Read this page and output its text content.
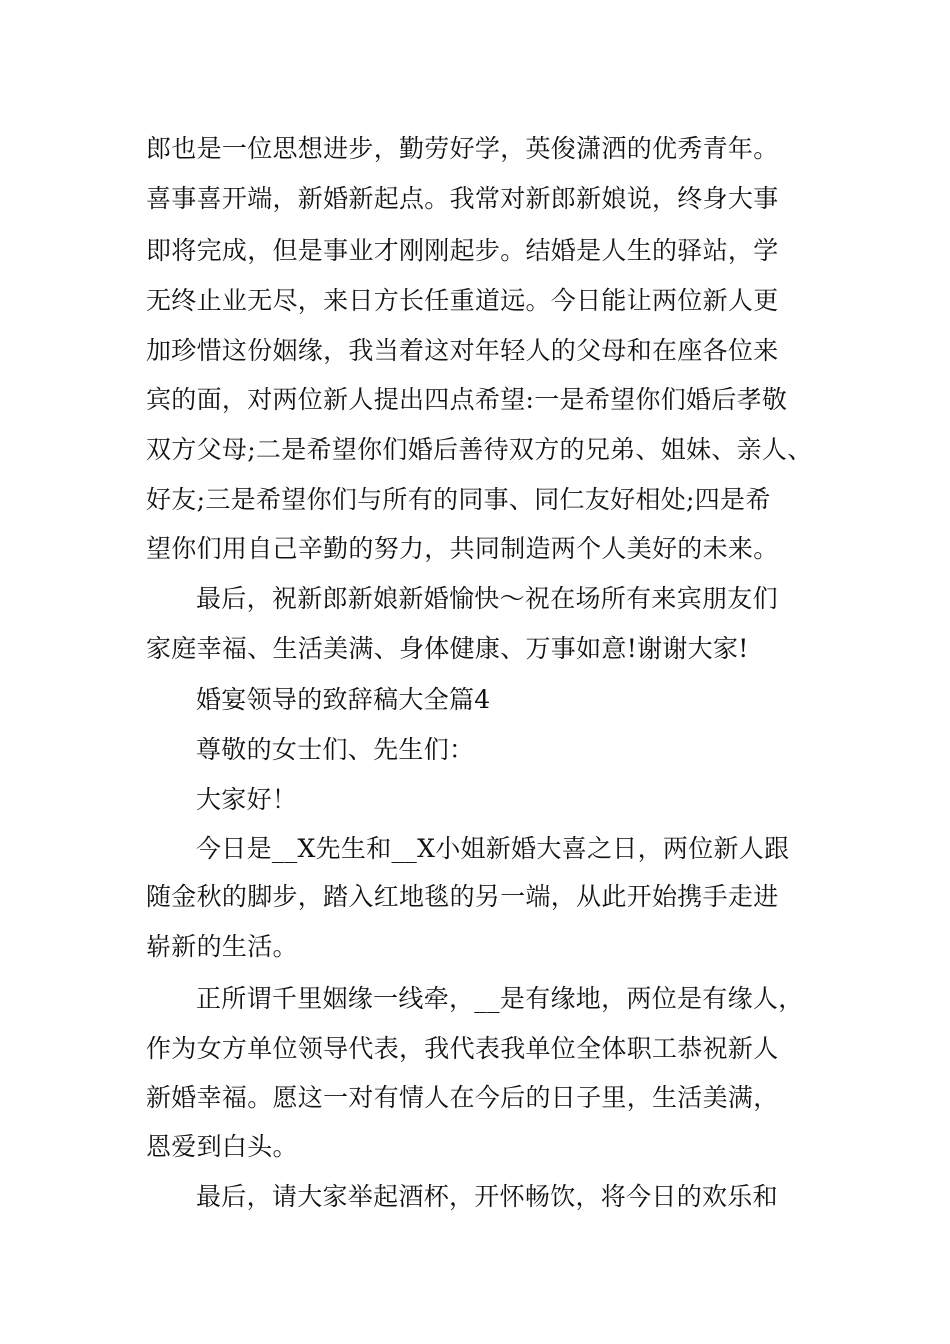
郎也是一位思想进步，勤劳好学，英俊潇洒的优秀青年。

喜事喜开端，新婚新起点。我常对新郎新娘说，终身大事

即将完成，但是事业才刚刚起步。结婚是人生的驿站，学

无终止业无尽，来日方长任重道远。今日能让两位新人更

加珍惜这份姻缘，我当着这对年轻人的父母和在座各位来

宾的面，对两位新人提出四点希望:一是希望你们婚后孝敬

双方父母;二是希望你们婚后善待双方的兄弟、姐妹、亲人、

好友;三是希望你们与所有的同事、同仁友好相处;四是希

望你们用自己辛勤的努力，共同制造两个人美好的未来。

最后，祝新郎新娘新婚愉快～祝在场所有来宾朋友们

家庭幸福、生活美满、身体健康、万事如意!谢谢大家!

婚宴领导的致辞稿大全篇4

尊敬的女士们、先生们：

大家好！

今日是__X先生和__X小姐新婚大喜之日，两位新人跟

随金秋的脚步，踏入红地毯的另一端，从此开始携手走进

崭新的生活。

正所谓千里姻缘一线牵，__是有缘地，两位是有缘人，

作为女方单位领导代表，我代表我单位全体职工恭祝新人

新婚幸福。愿这一对有情人在今后的日子里，生活美满，

恩爱到白头。

最后，请大家举起酒杯，开怀畅饮，将今日的欢乐和
